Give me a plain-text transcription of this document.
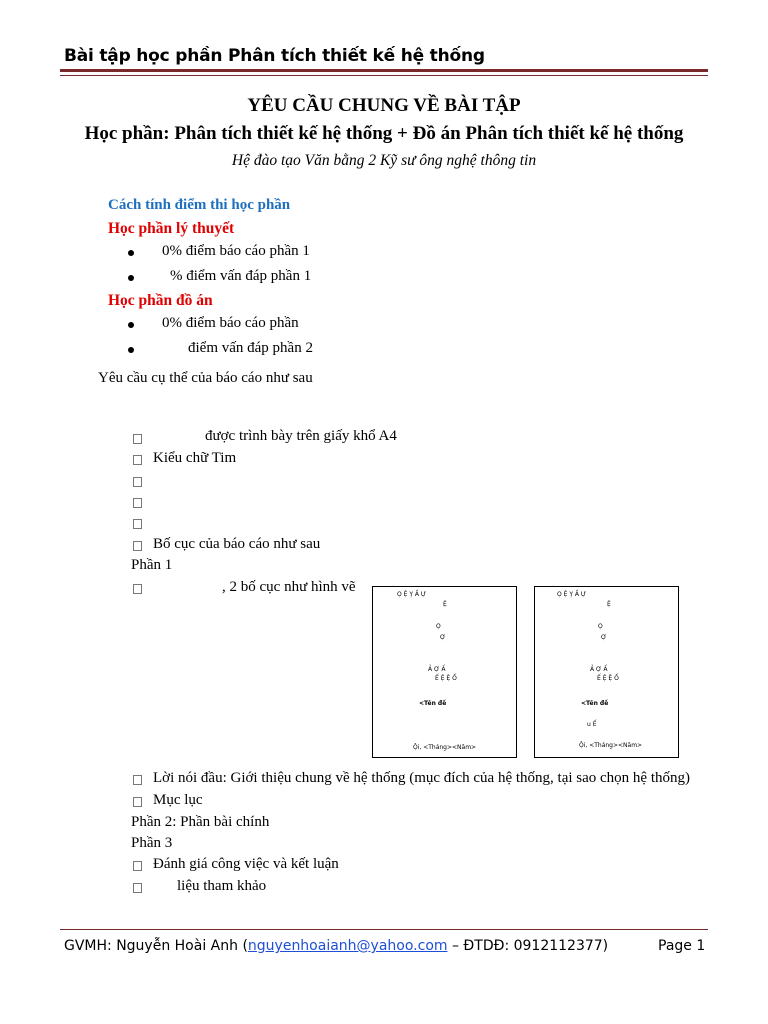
Bài tập học phần Phân tích thiết kế hệ thống
YÊU CẦU CHUNG VỀ BÀI TẬP
Học phần: Phân tích thiết kế hệ thống + Đồ án Phân tích thiết kế hệ thống
Hệ đào tạo Văn bằng 2 Kỹ sư ông nghệ thông tin
Cách tính điểm thi học phần
Học phần lý thuyết
0% điểm báo cáo phần 1
% điểm vấn đáp phần 1
Học phần đồ án
0% điểm báo cáo phần
điểm vấn đáp phần 2
Yêu cầu cụ thể của báo cáo như sau
được trình bày trên giấy khổ A4
Kiểu chữ Tim
Bố cục của báo cáo như sau
Phần 1
, 2 bố cục như hình vẽ	Ọ Ệ Ỵ Ắ Ự
Ệ
Ọ
Ợ
Ả Ợ Ấ
Ế Ệ Ệ Ố
<Tên đề
Ội, <Tháng><Năm>
Ọ Ệ Ỵ Ắ Ự
Ệ
Ọ
Ợ
Ả Ợ Ấ
Ế Ệ Ệ Ố
<Tên đề
u Ế
Ội, <Tháng><Năm>
Lời nói đầu: Giới thiệu chung về hệ thống (mục đích của hệ thống, tại sao chọn hệ thống)
Mục lục
Phần 2: Phần bài chính
Phần 3
Đánh giá công việc và kết luận
liệu tham khảo
GVMH: Nguyễn Hoài Anh (nguyenhoaianh@yahoo.com – ĐTDĐ: 0912112377)	Page 1
